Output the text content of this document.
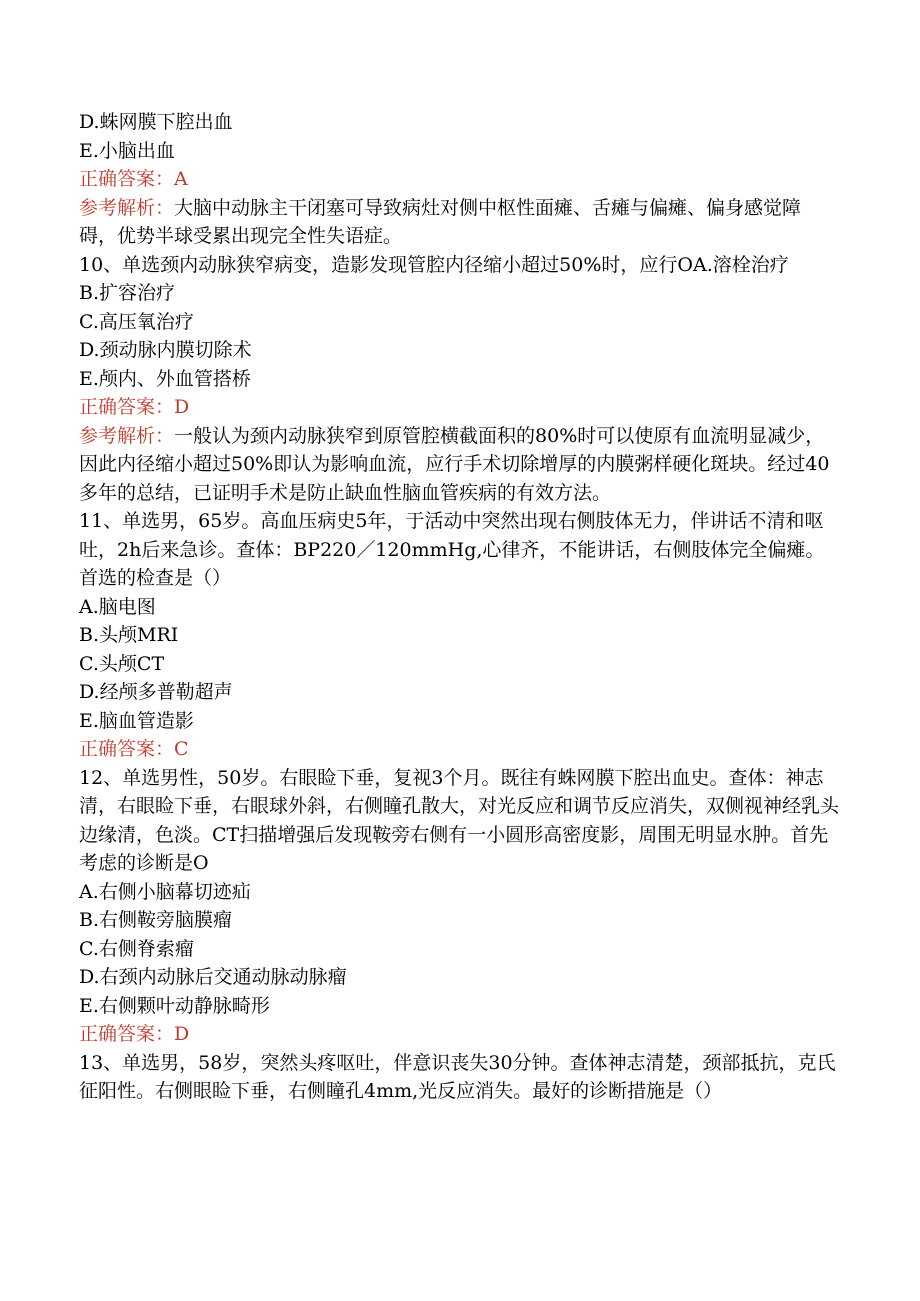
D.蛛网膜下腔出血
E.小脑出血
正确答案：A
参考解析：大脑中动脉主干闭塞可导致病灶对侧中枢性面瘫、舌瘫与偏瘫、偏身感觉障碍，优势半球受累出现完全性失语症。
10、单选颈内动脉狭窄病变，造影发现管腔内径缩小超过50%时，应行OA.溶栓治疗
B.扩容治疗
C.高压氧治疗
D.颈动脉内膜切除术
E.颅内、外血管搭桥
正确答案：D
参考解析：一般认为颈内动脉狭窄到原管腔横截面积的80%时可以使原有血流明显减少，因此内径缩小超过50%即认为影响血流，应行手术切除增厚的内膜粥样硬化斑块。经过40多年的总结，已证明手术是防止缺血性脑血管疾病的有效方法。
11、单选男，65岁。高血压病史5年，于活动中突然出现右侧肢体无力，伴讲话不清和呕吐，2h后来急诊。查体：BP220／120mmHg,心律齐，不能讲话，右侧肢体完全偏瘫。首选的检查是（）
A.脑电图
B.头颅MRI
C.头颅CT
D.经颅多普勒超声
E.脑血管造影
正确答案：C
12、单选男性，50岁。右眼睑下垂，复视3个月。既往有蛛网膜下腔出血史。查体：神志清，右眼睑下垂，右眼球外斜，右侧瞳孔散大，对光反应和调节反应消失，双侧视神经乳头边缘清，色淡。CT扫描增强后发现鞍旁右侧有一小圆形高密度影，周围无明显水肿。首先考虑的诊断是O
A.右侧小脑幕切迹疝
B.右侧鞍旁脑膜瘤
C.右侧脊索瘤
D.右颈内动脉后交通动脉动脉瘤
E.右侧颗叶动静脉畸形
正确答案：D
13、单选男，58岁，突然头疼呕吐，伴意识丧失30分钟。查体神志清楚，颈部抵抗，克氏征阳性。右侧眼睑下垂，右侧瞳孔4mm,光反应消失。最好的诊断措施是（）
